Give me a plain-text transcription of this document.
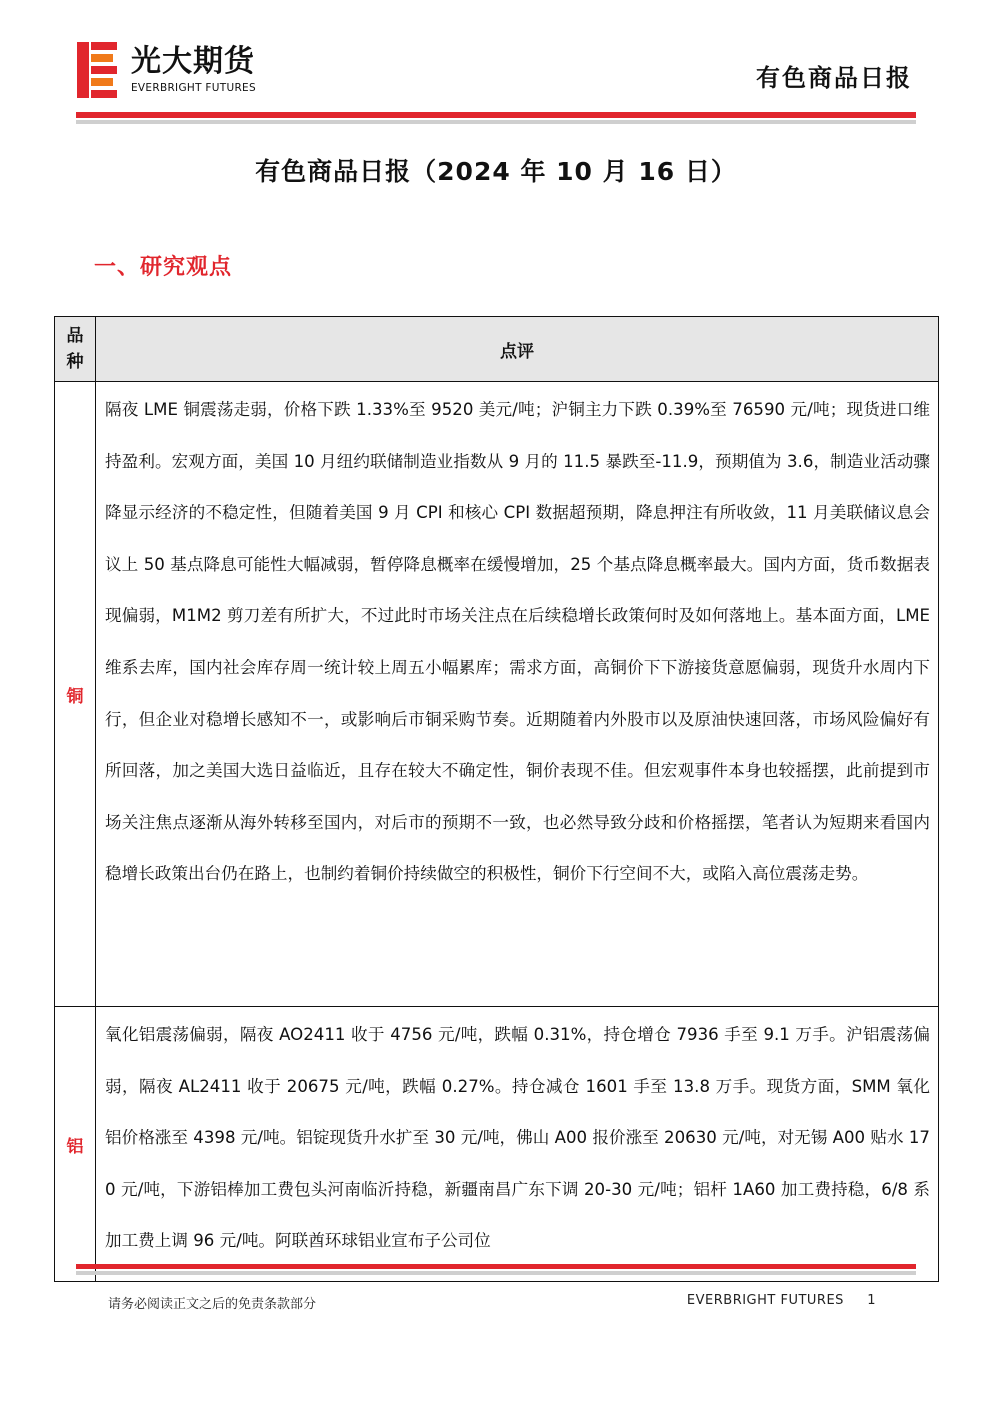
光大期货
EVERBRIGHT FUTURES	有色商品日报
有色商品日报（2024 年 10 月 16 日）
一、研究观点
品种	点评
铜	隔夜 LME 铜震荡走弱，价格下跌 1.33%至 9520 美元/吨；沪铜主力下跌 0.39%至 76590 元/吨；现货进口维持盈利。宏观方面，美国 10 月纽约联储制造业指数从 9 月的 11.5 暴跌至-11.9，预期值为 3.6，制造业活动骤降显示经济的不稳定性，但随着美国 9 月 CPI 和核心 CPI 数据超预期，降息押注有所收敛，11 月美联储议息会议上 50 基点降息可能性大幅减弱，暂停降息概率在缓慢增加，25 个基点降息概率最大。国内方面，货币数据表现偏弱，M1M2 剪刀差有所扩大，不过此时市场关注点在后续稳增长政策何时及如何落地上。基本面方面，LME 维系去库，国内社会库存周一统计较上周五小幅累库；需求方面，高铜价下下游接货意愿偏弱，现货升水周内下行，但企业对稳增长感知不一，或影响后市铜采购节奏。近期随着内外股市以及原油快速回落，市场风险偏好有所回落，加之美国大选日益临近，且存在较大不确定性，铜价表现不佳。但宏观事件本身也较摇摆，此前提到市场关注焦点逐渐从海外转移至国内，对后市的预期不一致，也必然导致分歧和价格摇摆，笔者认为短期来看国内稳增长政策出台仍在路上，也制约着铜价持续做空的积极性，铜价下行空间不大，或陷入高位震荡走势。
铝	氧化铝震荡偏弱，隔夜 AO2411 收于 4756 元/吨，跌幅 0.31%，持仓增仓 7936 手至 9.1 万手。沪铝震荡偏弱，隔夜 AL2411 收于 20675 元/吨，跌幅 0.27%。持仓减仓 1601 手至 13.8 万手。现货方面，SMM 氧化铝价格涨至 4398 元/吨。铝锭现货升水扩至 30 元/吨，佛山 A00 报价涨至 20630 元/吨，对无锡 A00 贴水 170 元/吨，下游铝棒加工费包头河南临沂持稳，新疆南昌广东下调 20-30 元/吨；铝杆 1A60 加工费持稳，6/8 系加工费上调 96 元/吨。阿联酋环球铝业宣布子公司位
请务必阅读正文之后的免责条款部分	EVERBRIGHT FUTURES 1
